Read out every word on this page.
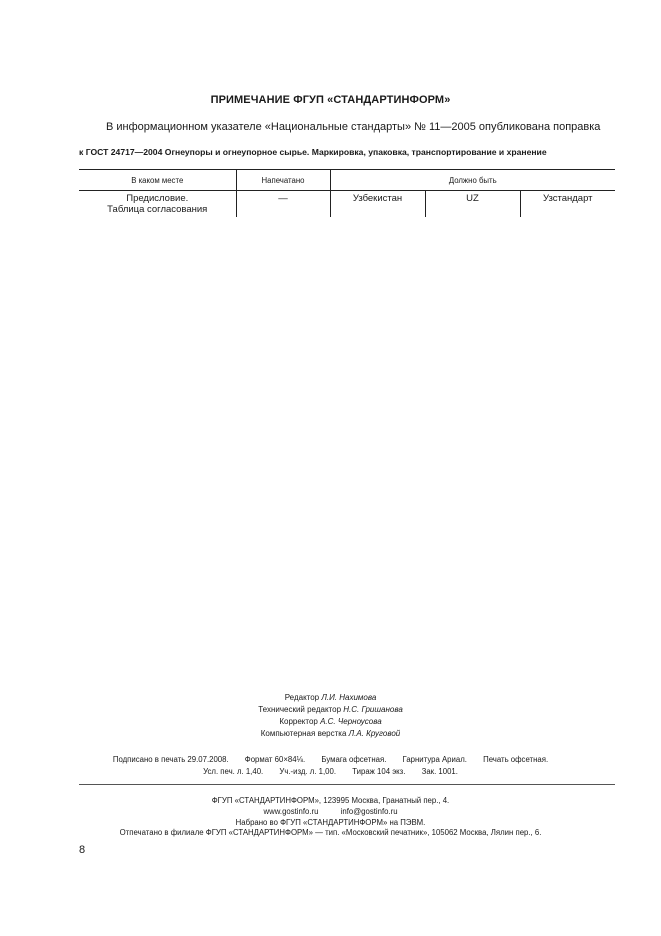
ПРИМЕЧАНИЕ ФГУП «СТАНДАРТИНФОРМ»
В информационном указателе «Национальные стандарты» № 11—2005 опубликована поправка
к ГОСТ 24717—2004 Огнеупоры и огнеупорное сырье. Маркировка, упаковка, транспортирование и хранение
В каком месте	Напечатано	Должно быть		

Предисловие.
Таблица согласования	—	Узбекистан	UZ	Узстандарт
Редактор Л.И. Нахимова
Технический редактор Н.С. Гришанова
Корректор А.С. Черноусова
Компьютерная верстка Л.А. Круговой
Подписано в печать 29.07.2008. Формат 60×84⅛. Бумага офсетная. Гарнитура Ариал. Печать офсетная.
Усл. печ. л. 1,40. Уч.-изд. л. 1,00. Тираж 104 экз. Зак. 1001.
ФГУП «СТАНДАРТИНФОРМ», 123995 Москва, Гранатный пер., 4.
www.gostinfo.ru	info@gostinfo.ru
Набрано во ФГУП «СТАНДАРТИНФОРМ» на ПЭВМ.
Отпечатано в филиале ФГУП «СТАНДАРТИНФОРМ» — тип. «Московский печатник», 105062 Москва, Лялин пер., 6.
8
